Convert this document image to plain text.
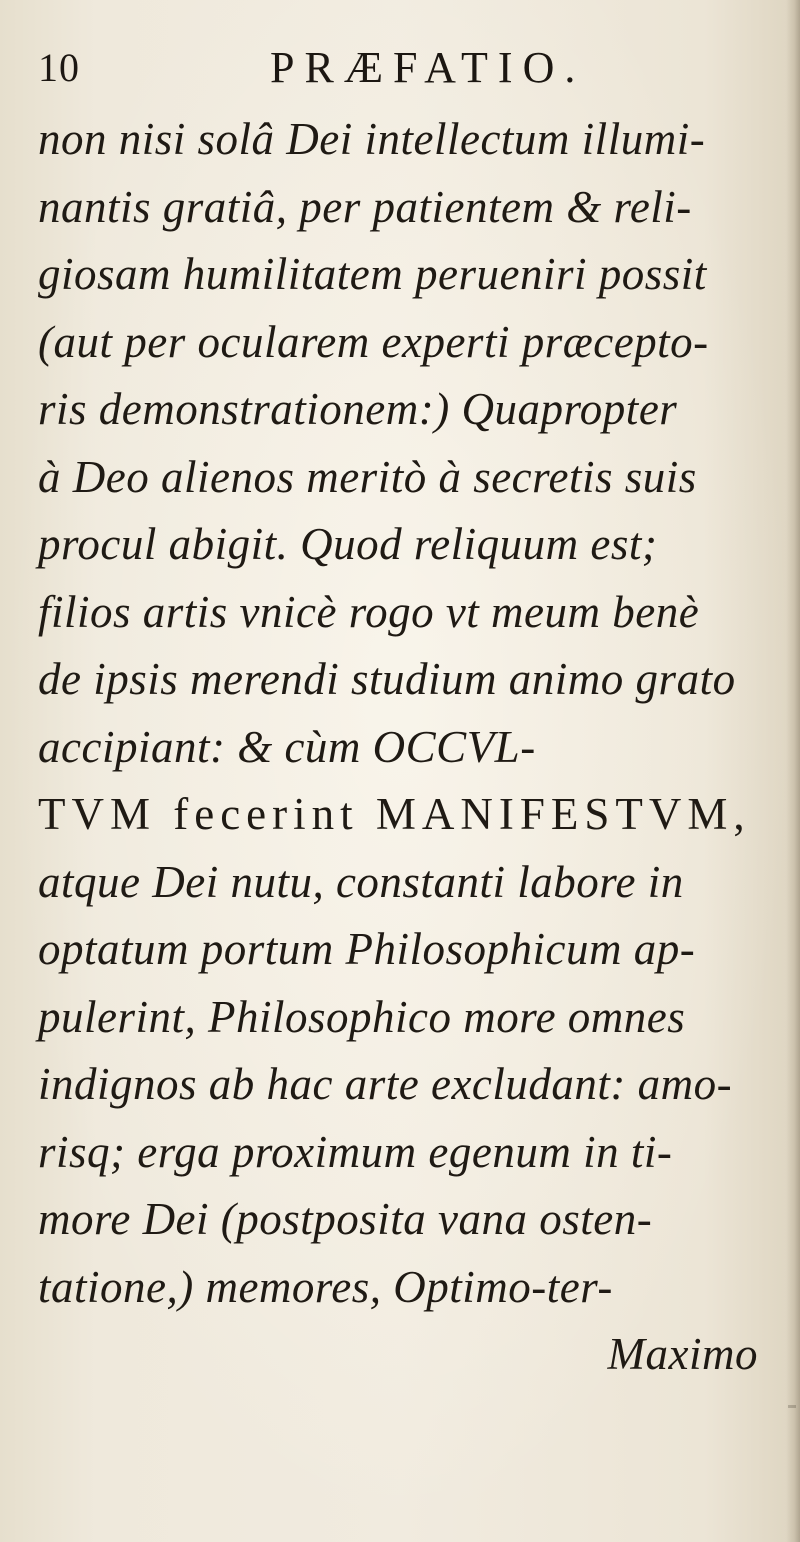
10	PRÆFATIO.
non nisi solâ Dei intellectum illumi-
nantis gratiâ, per patientem & reli-
giosam humilitatem perueniri possit
(aut per ocularem experti præcepto-
ris demonstrationem:) Quapropter
à Deo alienos meritò à secretis suis
procul abigit. Quod reliquum est;
filios artis vnicè rogo vt meum benè
de ipsis merendi studium animo grato
accipiant: & cùm OCCVL-
TVM fecerint MANIFESTVM,
atque Dei nutu, constanti labore in
optatum portum Philosophicum ap-
pulerint, Philosophico more omnes
indignos ab hac arte excludant: amo-
risq; erga proximum egenum in ti-
more Dei (postposita vana osten-
tatione,) memores, Optimo-ter-
Maximo
